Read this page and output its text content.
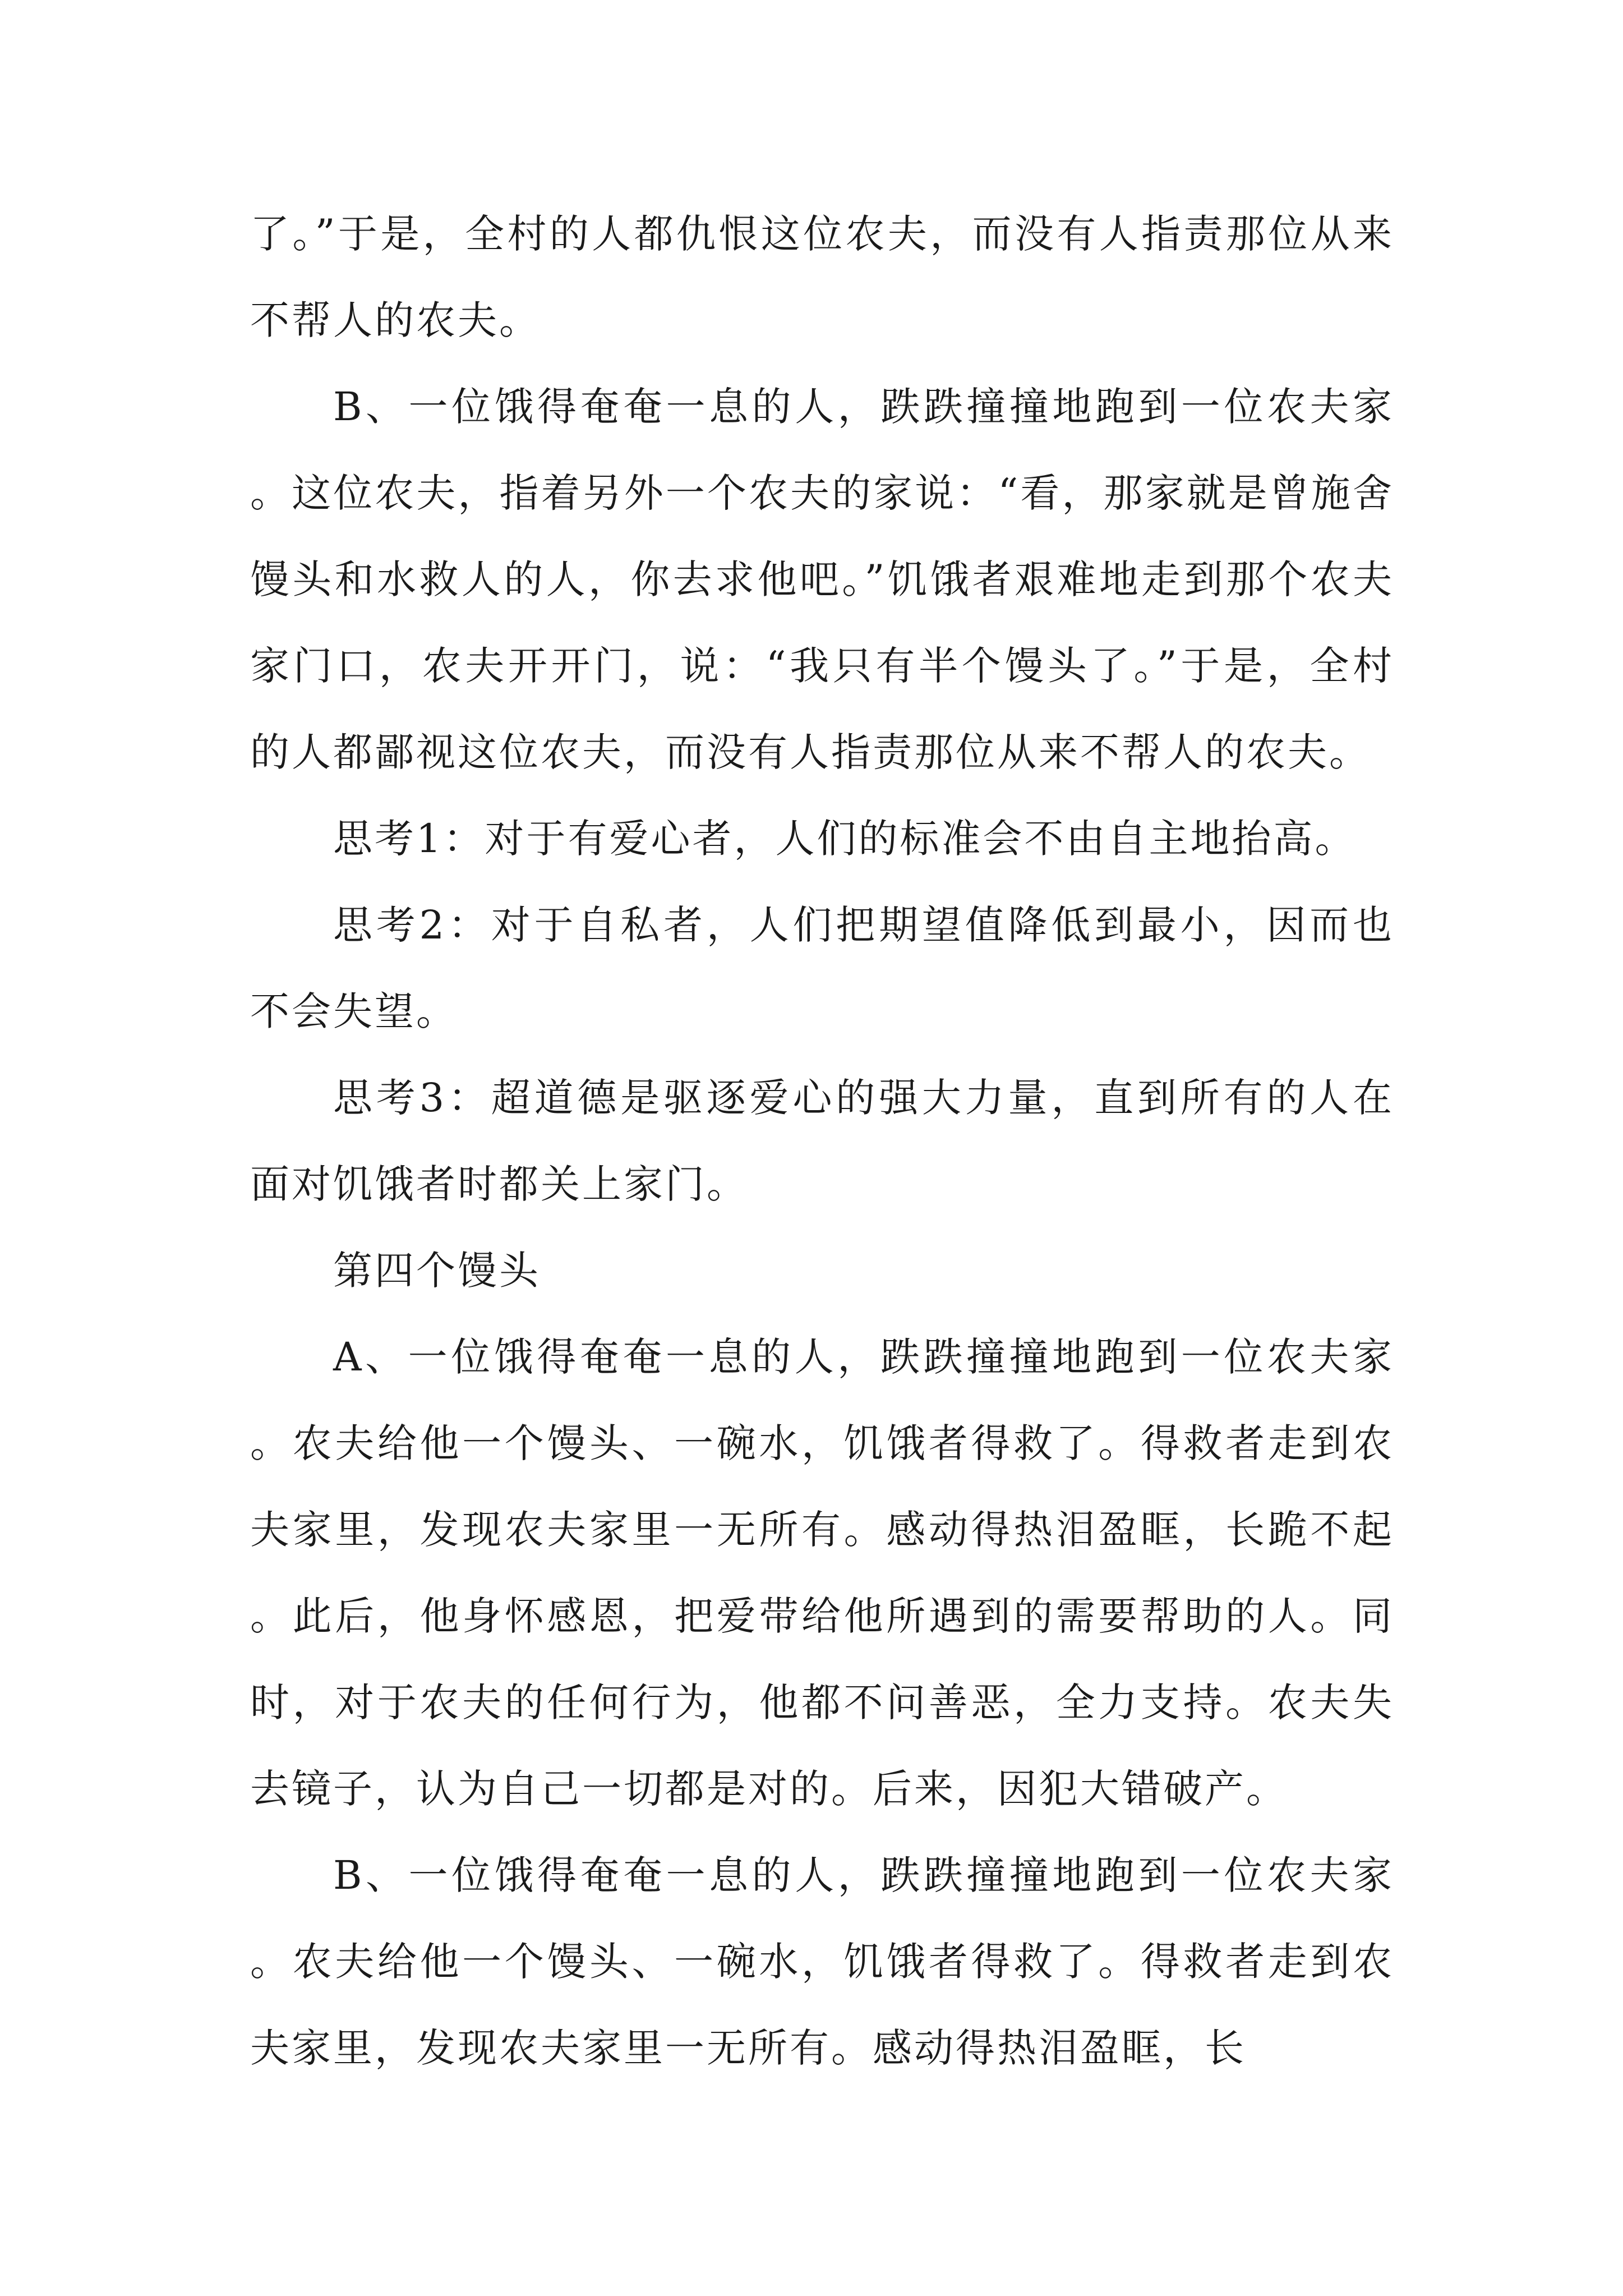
了。”于是，全村的人都仇恨这位农夫，而没有人指责那位从来不帮人的农夫。

B、一位饿得奄奄一息的人，跌跌撞撞地跑到一位农夫家。这位农夫，指着另外一个农夫的家说：“看，那家就是曾施舍馒头和水救人的人，你去求他吧。”饥饿者艰难地走到那个农夫家门口，农夫开开门，说：“我只有半个馒头了。”于是，全村的人都鄙视这位农夫，而没有人指责那位从来不帮人的农夫。

思考1：对于有爱心者，人们的标准会不由自主地抬高。

思考2：对于自私者，人们把期望值降低到最小，因而也不会失望。

思考3：超道德是驱逐爱心的强大力量，直到所有的人在面对饥饿者时都关上家门。

第四个馒头

A、一位饿得奄奄一息的人，跌跌撞撞地跑到一位农夫家。农夫给他一个馒头、一碗水，饥饿者得救了。得救者走到农夫家里，发现农夫家里一无所有。感动得热泪盈眶，长跪不起。此后，他身怀感恩，把爱带给他所遇到的需要帮助的人。同时，对于农夫的任何行为，他都不问善恶，全力支持。农夫失去镜子，认为自己一切都是对的。后来，因犯大错破产。

B、一位饿得奄奄一息的人，跌跌撞撞地跑到一位农夫家。农夫给他一个馒头、一碗水，饥饿者得救了。得救者走到农夫家里，发现农夫家里一无所有。感动得热泪盈眶，长
